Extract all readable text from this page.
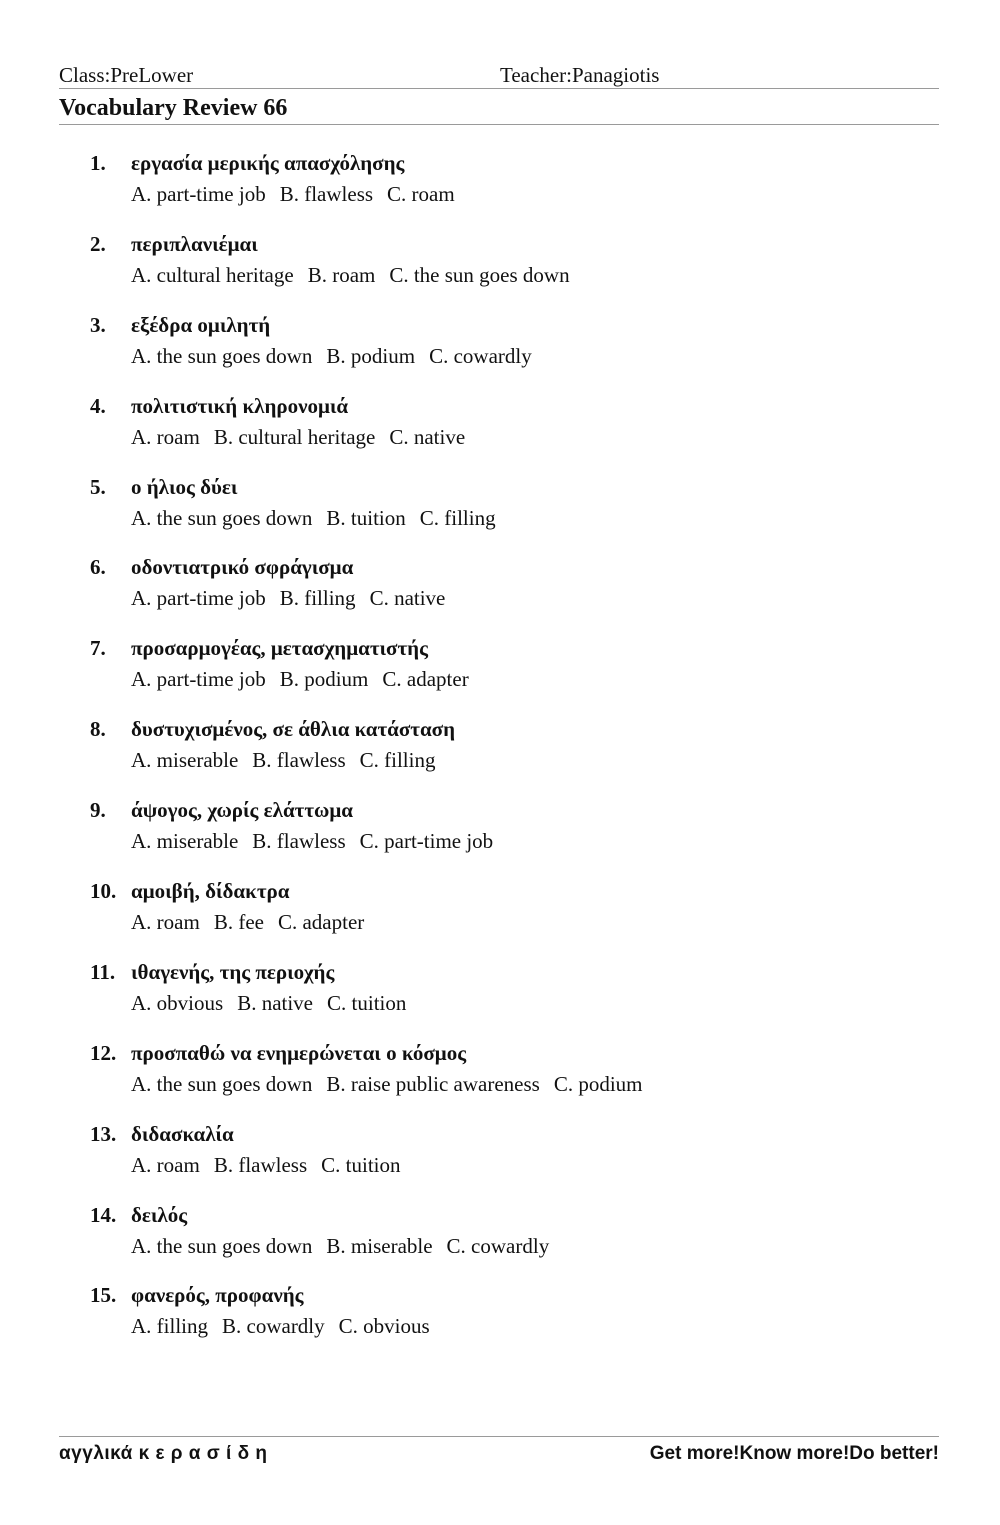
Class:PreLower	Teacher:Panagiotis
Vocabulary Review 66
1.	εργασία μερικής απασχόλησης
A. part-time job B. flawless C. roam
2.	περιπλανιέμαι
A. cultural heritage B. roam C. the sun goes down
3.	εξέδρα ομιλητή
A. the sun goes down B. podium C. cowardly
4.	πολιτιστική κληρονομιά
A. roam B. cultural heritage C. native
5.	ο ήλιος δύει
A. the sun goes down B. tuition C. filling
6.	οδοντιατρικό σφράγισμα
A. part-time job B. filling C. native
7.	προσαρμογέας, μετασχηματιστής
A. part-time job B. podium C. adapter
8.	δυστυχισμένος, σε άθλια κατάσταση
A. miserable B. flawless C. filling
9.	άψογος, χωρίς ελάττωμα
A. miserable B. flawless C. part-time job
10. αμοιβή, δίδακτρα
A. roam B. fee C. adapter
11. ιθαγενής, της περιοχής
A. obvious B. native C. tuition
12. προσπαθώ να ενημερώνεται ο κόσμος
A. the sun goes down B. raise public awareness C. podium
13. διδασκαλία
A. roam B. flawless C. tuition
14. δειλός
A. the sun goes down B. miserable C. cowardly
15. φανερός, προφανής
A. filling B. cowardly C. obvious
αγγλικά κ ε ρ α σ ί δ η	Get more!Know more!Do better!
